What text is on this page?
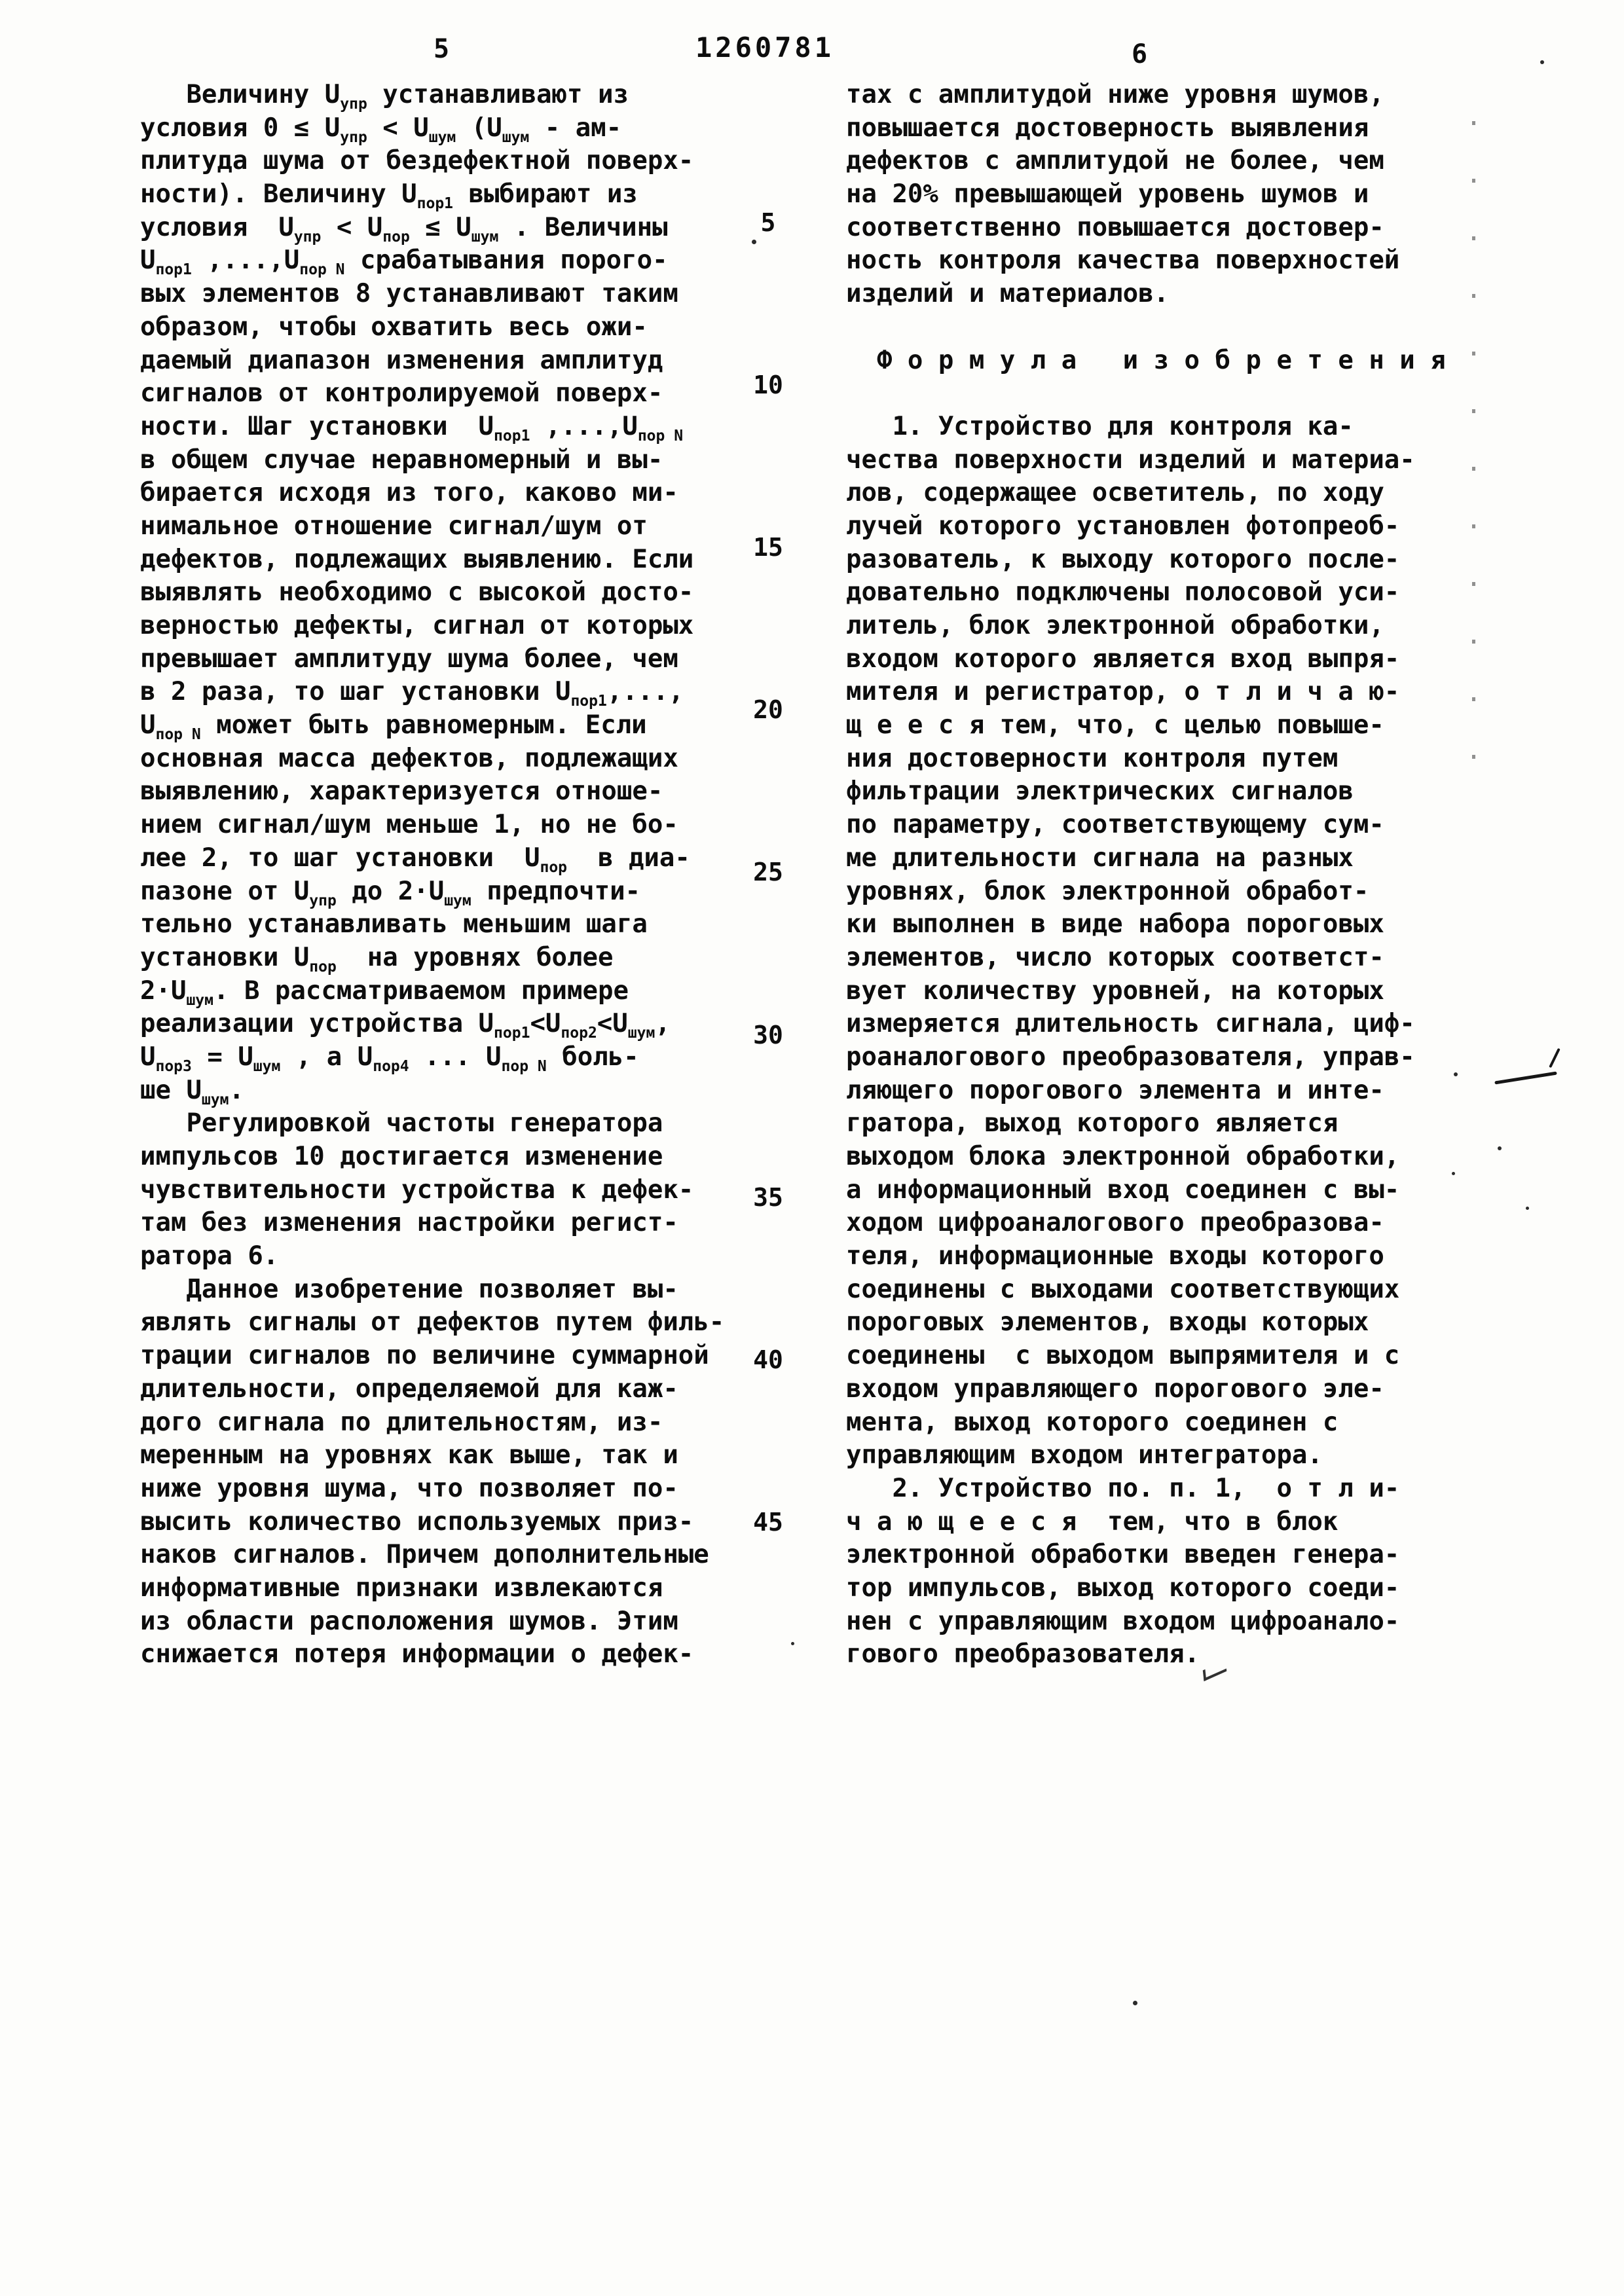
5	1260781	6
Величину $U_{упр}$ устанавливают из
условия $0 \le U_{упр} < U_{шум}$ ($U_{шум} - ам-$
плитуда шума от бездефектной поверх-
ности). Величину $U_{пор1}$ выбирают из
условия  $U_{упр} < U_{пор} \le U_{шум}$ . Величины
$U_{пор1}$ $,...,U_{пор N}$ срабатывания порого-
вых элементов 8 устанавливают таким
образом, чтобы охватить весь ожи-
даемый диапазон изменения амплитуд
сигналов от контролируемой поверх-
ности. Шаг установки  $U_{пор1}$ $,...,U_{пор N}$
в общем случае неравномерный и вы-
бирается исходя из того, каково ми-
нимальное отношение сигнал/шум от
дефектов, подлежащих выявлению. Если
выявлять необходимо с высокой досто-
верностью дефекты, сигнал от которых
превышает амплитуду шума более, чем
в 2 раза, то шаг установки $U_{пор1}$,...,
$U_{пор N}$ может быть равномерным. Если
основная масса дефектов, подлежащих
выявлению, характеризуется отноше-
нием сигнал/шум меньше 1, но не бо-
лее 2, то шаг установки  $U_{пор}$  в диа-
пазоне от $U_{упр}$ до $2\cdot U_{шум}$ предпочти-
тельно устанавливать меньшим шага
установки $U_{пор}$  на уровнях более
$2\cdot U_{шум}$. В рассматриваемом примере
реализации устройства $U_{пор1}<U_{пор2}<U_{шум}$,
$U_{пор3} = U_{шум}$ , а $U_{пор4}$ ... $U_{пор N}$ боль-
ше $U_{шум}$.
Регулировкой частоты генератора
импульсов 10 достигается изменение
чувствительности устройства к дефек-
там без изменения настройки регист-
ратора 6.
Данное изобретение позволяет вы-
являть сигналы от дефектов путем филь-
трации сигналов по величине суммарной
длительности, определяемой для каж-
дого сигнала по длительностям, из-
меренным на уровнях как выше, так и
ниже уровня шума, что позволяет по-
высить количество используемых приз-
наков сигналов. Причем дополнительные
информативные признаки извлекаются
из области расположения шумов. Этим
снижается потеря информации о дефек-
тах с амплитудой ниже уровня шумов,
повышается достоверность выявления
дефектов с амплитудой не более, чем
на 20% превышающей уровень шумов и
соответственно повышается достовер-
ность контроля качества поверхностей
изделий и материалов.
Ф о р м у л а   и з о б р е т е н и я
1. Устройство для контроля ка-
чества поверхности изделий и материа-
лов, содержащее осветитель, по ходу
лучей которого установлен фотопреоб-
разователь, к выходу которого после-
довательно подключены полосовой уси-
литель, блок электронной обработки,
входом которого является вход выпря-
мителя и регистратор, о т л и ч а ю-
щ е е с я тем, что, с целью повыше-
ния достоверности контроля путем
фильтрации электрических сигналов
по параметру, соответствующему сум-
ме длительности сигнала на разных
уровнях, блок электронной обработ-
ки выполнен в виде набора пороговых
элементов, число которых соответст-
вует количеству уровней, на которых
измеряется длительность сигнала, циф-
роаналогового преобразователя, управ-
ляющего порогового элемента и инте-
гратора, выход которого является
выходом блока электронной обработки,
а информационный вход соединен с вы-
ходом цифроаналогового преобразова-
теля, информационные входы которого
соединены с выходами соответствующих
пороговых элементов, входы которых
соединены  с выходом выпрямителя и с
входом управляющего порогового эле-
мента, выход которого соединен с
управляющим входом интегратора.
2. Устройство по. п. 1,  о т л и-
ч а ю щ е е с я  тем, что в блок
электронной обработки введен генера-
тор импульсов, выход которого соеди-
нен с управляющим входом цифроанало-
гового преобразователя.
5
10
15
20
25
30
35
40
45
